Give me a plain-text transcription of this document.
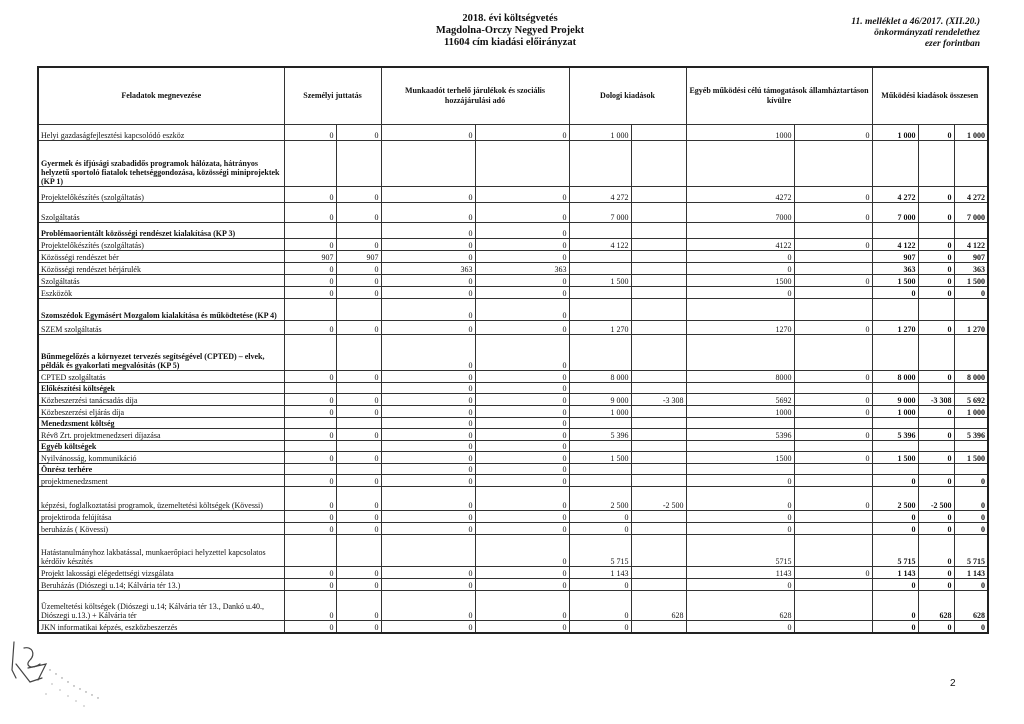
2018. évi költségvetés
Magdolna-Orczy Negyed Projekt
11604 cím kiadási előirányzat
11. melléklet a 46/2017. (XII.20.)
önkormányzati rendelethez
ezer forintban
Feladatok megnevezése	Személyi juttatás		Munkaadót terhelő járulékok és szociális hozzájárulási adó		Dologi kiadások		Egyéb működési célú támogatások államháztartáson kívülre		Működési kiadások összesen		
Helyi gazdaságfejlesztési kapcsolódó eszköz	0	0	0	0	1 000		1000	0	1 000	0	1 000
Gyermek és ifjúsági szabadidős programok hálózata, hátrányos helyzetű sportoló fiatalok tehetséggondozása, közösségi miniprojektek (KP 1)											
Projektelőkészítés (szolgáltatás)	0	0	0	0	4 272		4272	0	4 272	0	4 272
Szolgáltatás	0	0	0	0	7 000		7000	0	7 000	0	7 000
Problémaorientált közösségi rendészet kialakítása (KP 3)			0	0							
Projektelőkészítés (szolgáltatás)	0	0	0	0	4 122		4122	0	4 122	0	4 122
Közösségi rendészet bér	907	907	0	0			0		907	0	907
Közösségi rendészet bérjárulék	0	0	363	363			0		363	0	363
Szolgáltatás	0	0	0	0	1 500		1500	0	1 500	0	1 500
Eszközök	0	0	0	0			0		0	0	0
Szomszédok Egymásért Mozgalom kialakítása és működtetése (KP 4)			0	0							
SZEM szolgáltatás	0	0	0	0	1 270		1270	0	1 270	0	1 270
Bűnmegelőzés a környezet tervezés segítségével (CPTED) – elvek, példák és gyakorlati megvalósítás (KP 5)			0	0							
CPTED szolgáltatás	0	0	0	0	8 000		8000	0	8 000	0	8 000
Előkészítési költségek			0	0							
Közbeszerzési tanácsadás díja	0	0	0	0	9 000	-3 308	5692	0	9 000	-3 308	5 692
Közbeszerzési eljárás díja	0	0	0	0	1 000		1000	0	1 000	0	1 000
Menedzsment költség			0	0							
Rév8 Zrt. projektmenedzseri díjazása	0	0	0	0	5 396		5396	0	5 396	0	5 396
Egyéb költségek			0	0							
Nyilvánosság, kommunikáció	0	0	0	0	1 500		1500	0	1 500	0	1 500
Önrész terhére			0	0							
projektmenedzsment	0	0	0	0			0		0	0	0
képzési, foglalkoztatási programok, üzemeltetési költségek (Kövessi)	0	0	0	0	2 500	-2 500	0	0	2 500	-2 500	0
projektiroda felújítása	0	0	0	0	0		0		0	0	0
beruházás ( Kövessi)	0	0	0	0	0		0		0	0	0
Hatástanulmányhoz lakbatással, munkaerőpiaci helyzettel kapcsolatos kérdőív készítés				0	5 715		5715		5 715	0	5 715
Projekt lakossági elégedettségi vizsgálata	0	0	0	0	1 143		1143	0	1 143	0	1 143
Beruházás (Diószegi u.14; Kálvária tér 13.)	0	0	0	0	0		0		0	0	0
Üzemeltetési költségek (Diószegi u.14; Kálvária tér 13., Dankó u.40., Diószegi u.13.) + Kálvária tér	0	0	0	0	0	628	628		0	628	628
JKN informatikai képzés, eszközbeszerzés	0	0	0	0	0		0		0	0	0
2
